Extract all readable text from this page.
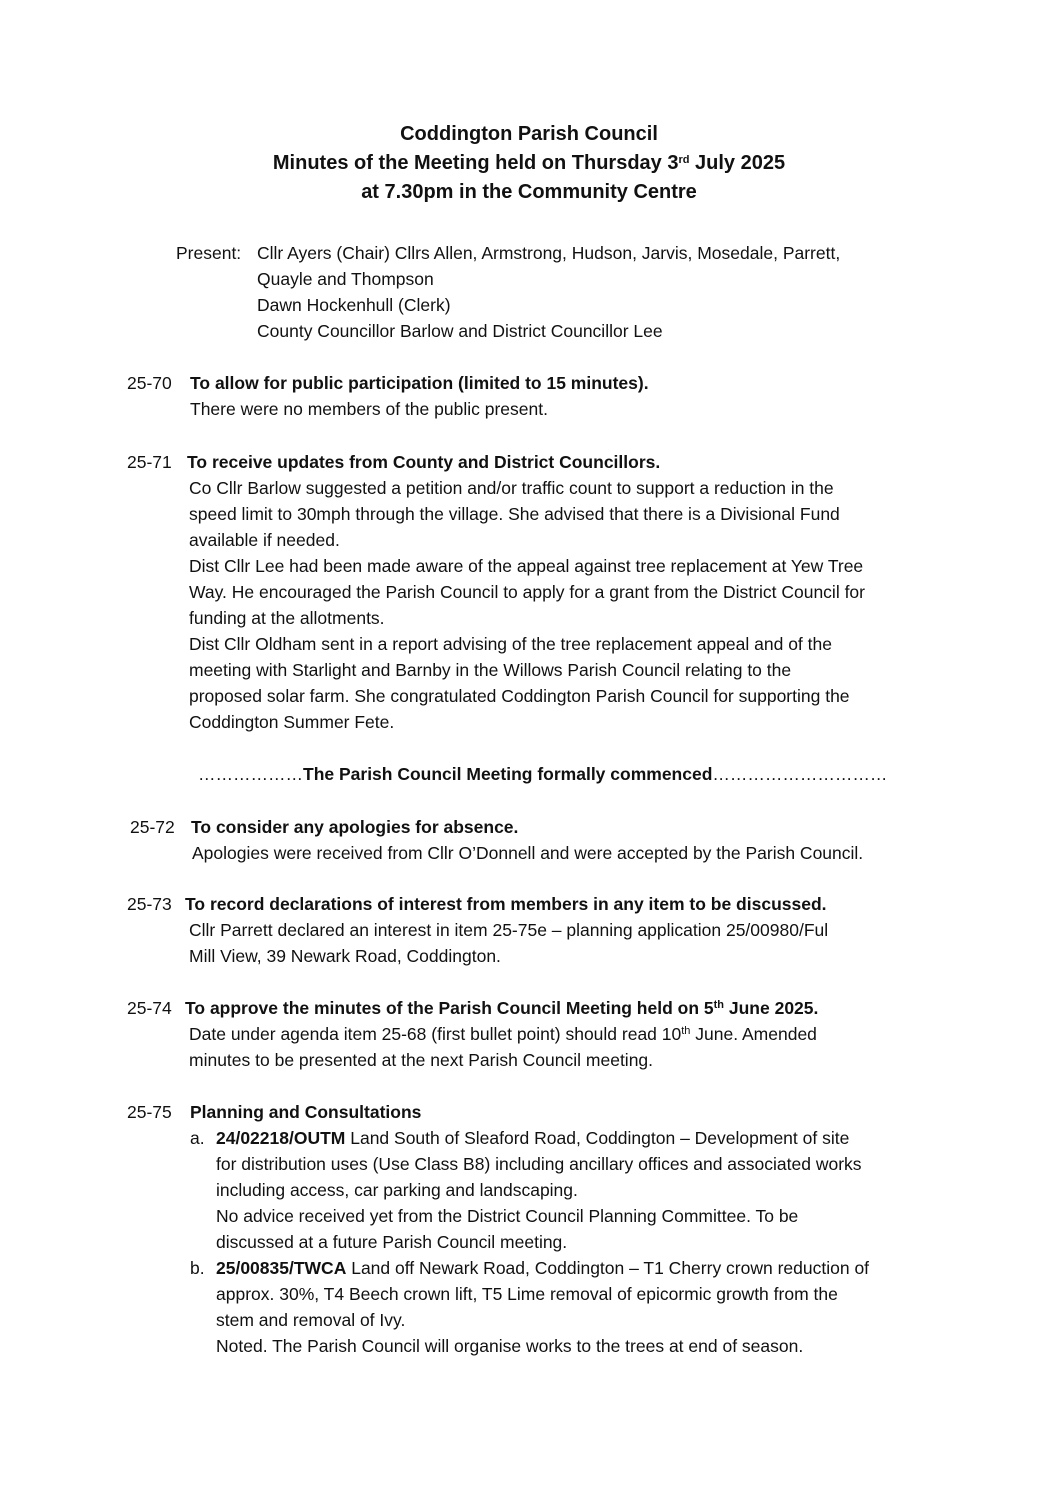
Coddington Parish Council
Minutes of the Meeting held on Thursday 3rd July 2025
at 7.30pm in the Community Centre
Present: Cllr Ayers (Chair) Cllrs Allen, Armstrong, Hudson, Jarvis, Mosedale, Parrett,
Quayle and Thompson
Dawn Hockenhull (Clerk)
County Councillor Barlow and District Councillor Lee
25-70 To allow for public participation (limited to 15 minutes).
There were no members of the public present.
25-71 To receive updates from County and District Councillors.
Co Cllr Barlow suggested a petition and/or traffic count to support a reduction in the
speed limit to 30mph through the village. She advised that there is a Divisional Fund
available if needed.
Dist Cllr Lee had been made aware of the appeal against tree replacement at Yew Tree
Way. He encouraged the Parish Council to apply for a grant from the District Council for
funding at the allotments.
Dist Cllr Oldham sent in a report advising of the tree replacement appeal and of the
meeting with Starlight and Barnby in the Willows Parish Council relating to the
proposed solar farm. She congratulated Coddington Parish Council for supporting the
Coddington Summer Fete.
………………The Parish Council Meeting formally commenced…………………………
25-72 To consider any apologies for absence.
Apologies were received from Cllr O’Donnell and were accepted by the Parish Council.
25-73 To record declarations of interest from members in any item to be discussed.
Cllr Parrett declared an interest in item 25-75e – planning application 25/00980/Ful
Mill View, 39 Newark Road, Coddington.
25-74 To approve the minutes of the Parish Council Meeting held on 5th June 2025.
Date under agenda item 25-68 (first bullet point) should read 10th June. Amended
minutes to be presented at the next Parish Council meeting.
25-75 Planning and Consultations
a. 24/02218/OUTM Land South of Sleaford Road, Coddington – Development of site
for distribution uses (Use Class B8) including ancillary offices and associated works
including access, car parking and landscaping.
No advice received yet from the District Council Planning Committee. To be
discussed at a future Parish Council meeting.
b. 25/00835/TWCA Land off Newark Road, Coddington – T1 Cherry crown reduction of
approx. 30%, T4 Beech crown lift, T5 Lime removal of epicormic growth from the
stem and removal of Ivy.
Noted. The Parish Council will organise works to the trees at end of season.
